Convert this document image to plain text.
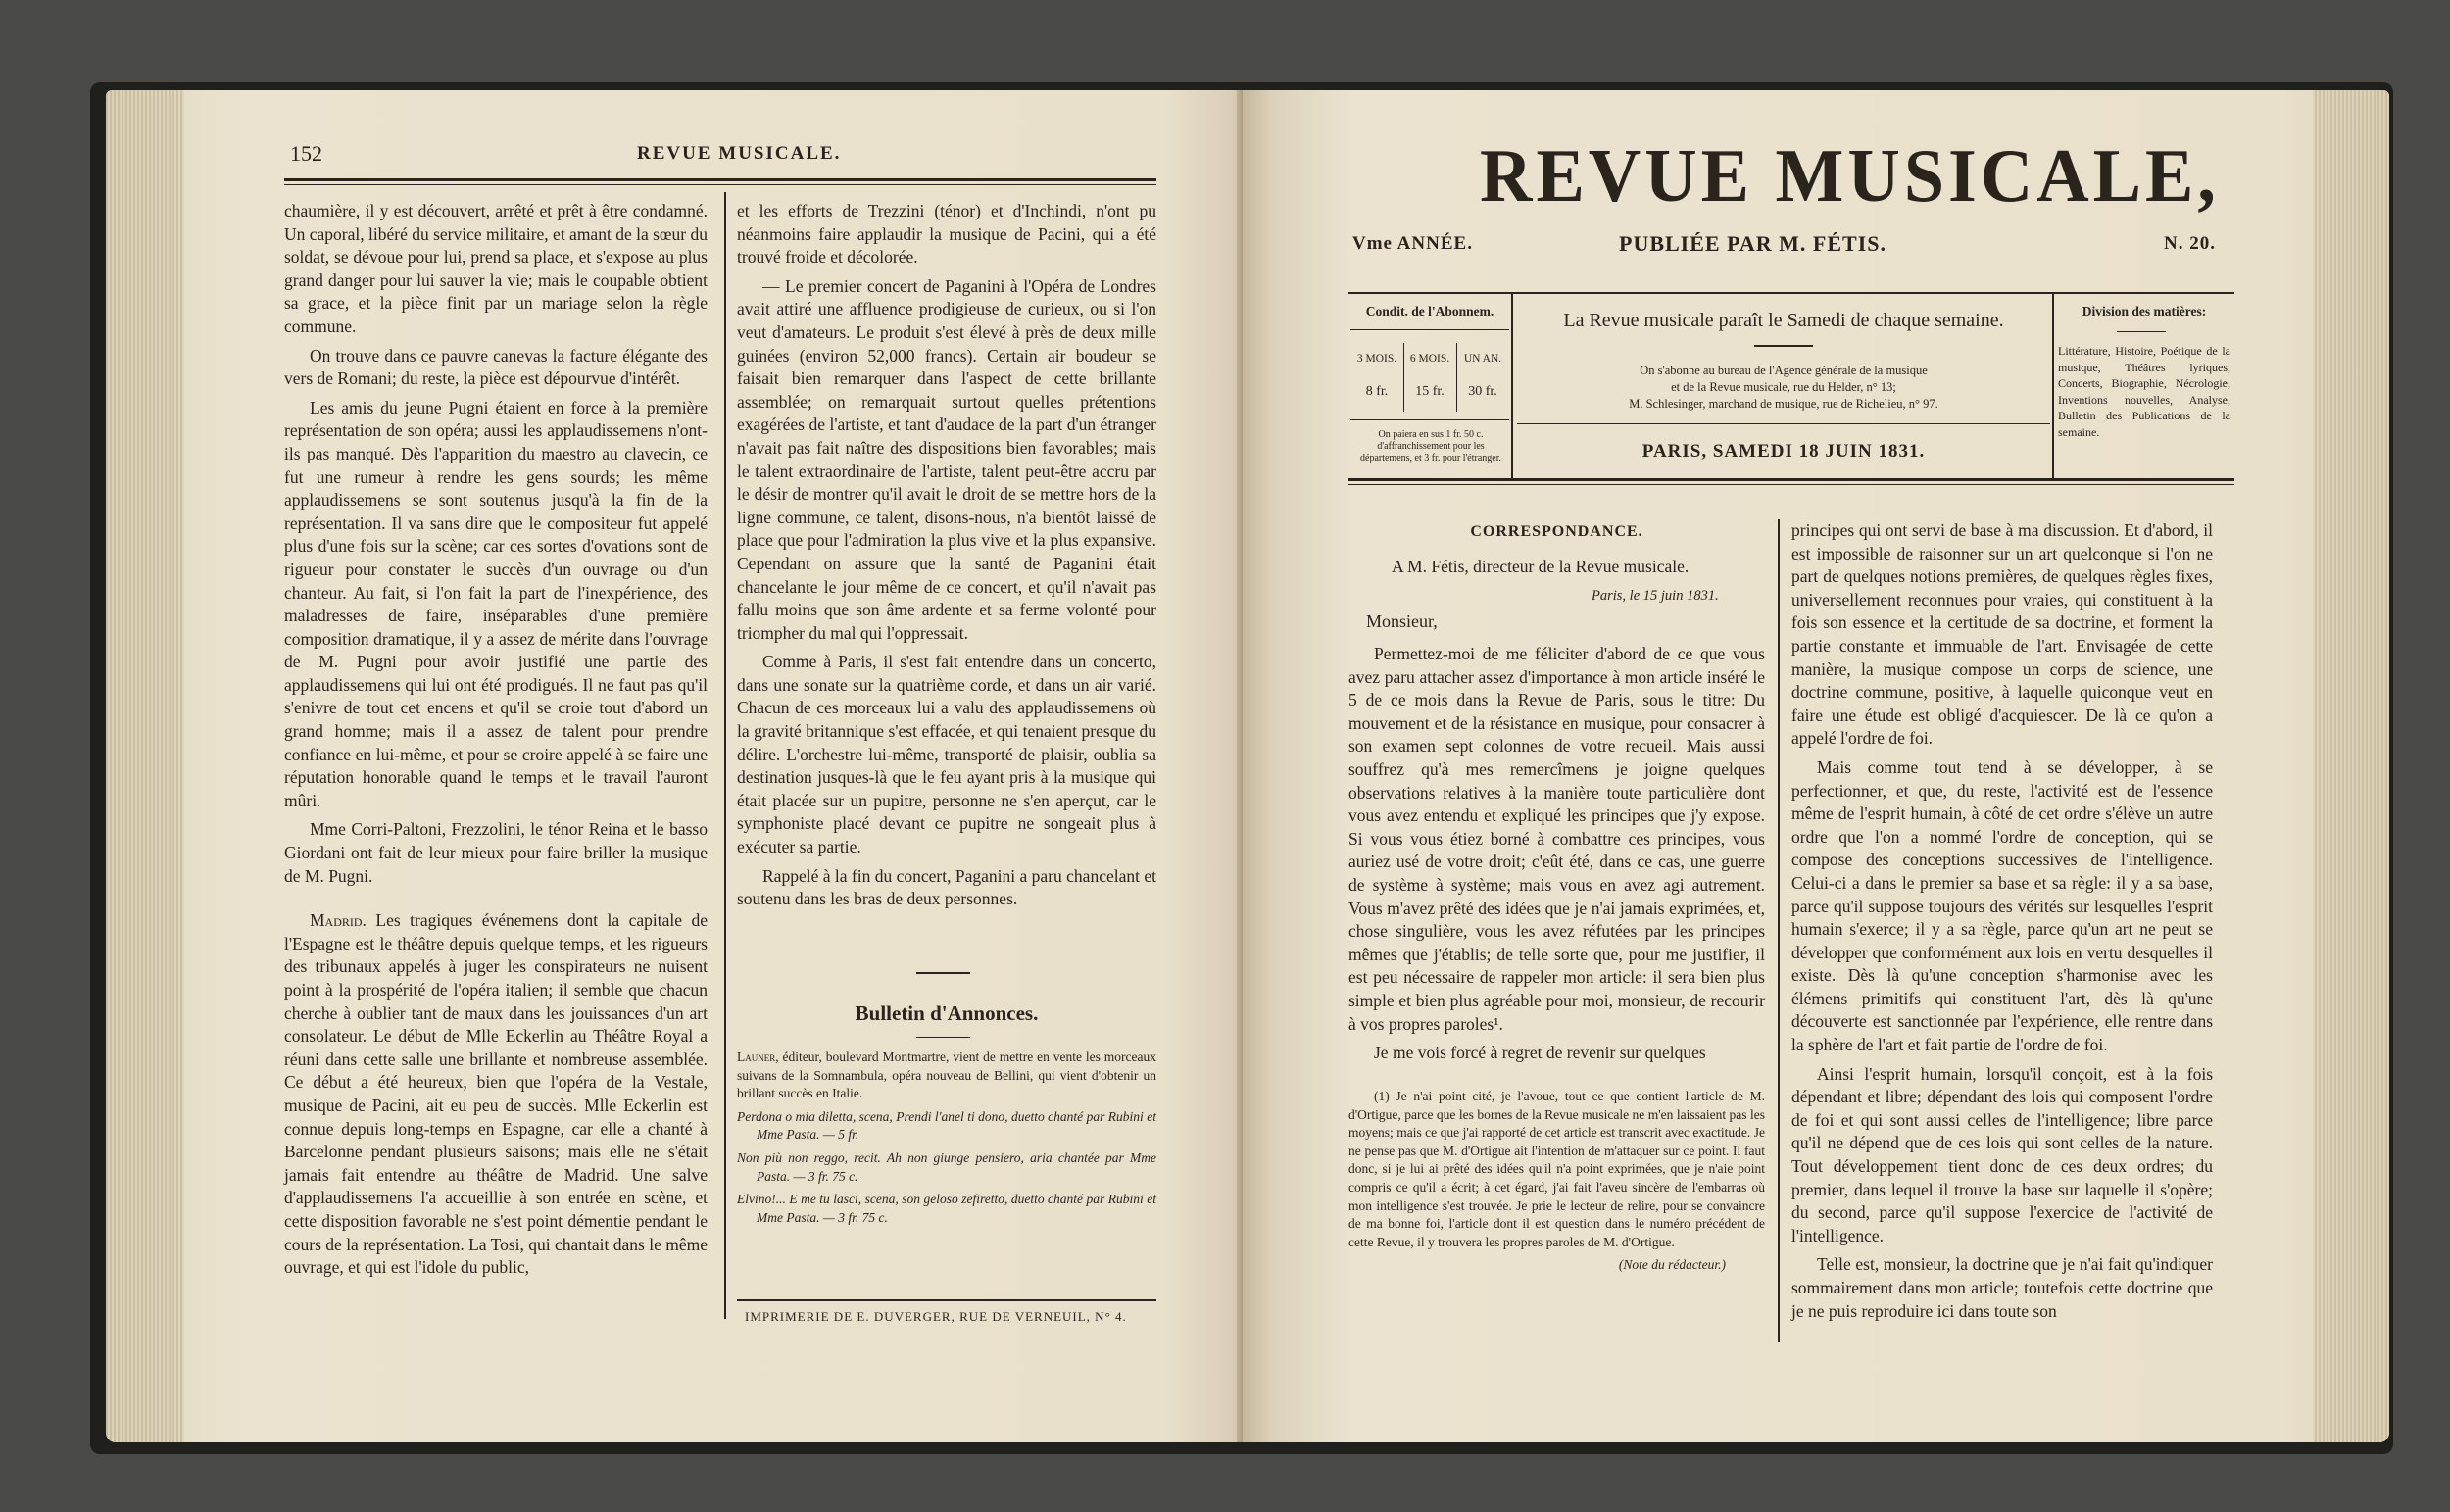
152	REVUE MUSICALE.

chaumière, il y est découvert, arrêté et prêt à être condamné. Un caporal, libéré du service militaire, et amant de la sœur du soldat, se dévoue pour lui, prend sa place, et s'expose au plus grand danger pour lui sauver la vie; mais le coupable obtient sa grace, et la pièce finit par un mariage selon la règle commune.

On trouve dans ce pauvre canevas la facture élégante des vers de Romani; du reste, la pièce est dépourvue d'intérêt.

Les amis du jeune Pugni étaient en force à la première représentation de son opéra; aussi les applaudissemens n'ont-ils pas manqué. Dès l'apparition du maestro au clavecin, ce fut une rumeur à rendre les gens sourds; les même applaudissemens se sont soutenus jusqu'à la fin de la représentation. Il va sans dire que le compositeur fut appelé plus d'une fois sur la scène; car ces sortes d'ovations sont de rigueur pour constater le succès d'un ouvrage ou d'un chanteur. Au fait, si l'on fait la part de l'inexpérience, des maladresses de faire, inséparables d'une première composition dramatique, il y a assez de mérite dans l'ouvrage de M. Pugni pour avoir justifié une partie des applaudissemens qui lui ont été prodigués. Il ne faut pas qu'il s'enivre de tout cet encens et qu'il se croie tout d'abord un grand homme; mais il a assez de talent pour prendre confiance en lui-même, et pour se croire appelé à se faire une réputation honorable quand le temps et le travail l'auront mûri.

Mme Corri-Paltoni, Frezzolini, le ténor Reina et le basso Giordani ont fait de leur mieux pour faire briller la musique de M. Pugni.

Madrid. Les tragiques événemens dont la capitale de l'Espagne est le théâtre depuis quelque temps, et les rigueurs des tribunaux appelés à juger les conspirateurs ne nuisent point à la prospérité de l'opéra italien; il semble que chacun cherche à oublier tant de maux dans les jouissances d'un art consolateur. Le début de Mlle Eckerlin au Théâtre Royal a réuni dans cette salle une brillante et nombreuse assemblée. Ce début a été heureux, bien que l'opéra de la Vestale, musique de Pacini, ait eu peu de succès. Mlle Eckerlin est connue depuis long-temps en Espagne, car elle a chanté à Barcelonne pendant plusieurs saisons; mais elle ne s'était jamais fait entendre au théâtre de Madrid. Une salve d'applaudissemens l'a accueillie à son entrée en scène, et cette disposition favorable ne s'est point démentie pendant le cours de la représentation. La Tosi, qui chantait dans le même ouvrage, et qui est l'idole du public,

et les efforts de Trezzini (ténor) et d'Inchindi, n'ont pu néanmoins faire applaudir la musique de Pacini, qui a été trouvé froide et décolorée.

— Le premier concert de Paganini à l'Opéra de Londres avait attiré une affluence prodigieuse de curieux, ou si l'on veut d'amateurs. Le produit s'est élevé à près de deux mille guinées (environ 52,000 francs). Certain air boudeur se faisait bien remarquer dans l'aspect de cette brillante assemblée; on remarquait surtout quelles prétentions exagérées de l'artiste, et tant d'audace de la part d'un étranger n'avait pas fait naître des dispositions bien favorables; mais le talent extraordinaire de l'artiste, talent peut-être accru par le désir de montrer qu'il avait le droit de se mettre hors de la ligne commune, ce talent, disons-nous, n'a bientôt laissé de place que pour l'admiration la plus vive et la plus expansive. Cependant on assure que la santé de Paganini était chancelante le jour même de ce concert, et qu'il n'avait pas fallu moins que son âme ardente et sa ferme volonté pour triompher du mal qui l'oppressait.

Comme à Paris, il s'est fait entendre dans un concerto, dans une sonate sur la quatrième corde, et dans un air varié. Chacun de ces morceaux lui a valu des applaudissemens où la gravité britannique s'est effacée, et qui tenaient presque du délire. L'orchestre lui-même, transporté de plaisir, oublia sa destination jusques-là que le feu ayant pris à la musique qui était placée sur un pupitre, personne ne s'en aperçut, car le symphoniste placé devant ce pupitre ne songeait plus à exécuter sa partie.

Rappelé à la fin du concert, Paganini a paru chancelant et soutenu dans les bras de deux personnes.

Bulletin d'Annonces.

Launer, éditeur, boulevard Montmartre, vient de mettre en vente les morceaux suivans de la Somnambula, opéra nouveau de Bellini, qui vient d'obtenir un brillant succès en Italie.

Perdona o mia diletta, scena, Prendi l'anel ti dono, duetto chanté par Rubini et Mme Pasta. — 5 fr.

Non più non reggo, recit. Ah non giunge pensiero, aria chantée par Mme Pasta. — 3 fr. 75 c.

Elvino!... E me tu lasci, scena, son geloso zefiretto, duetto chanté par Rubini et Mme Pasta. — 3 fr. 75 c.

IMPRIMERIE DE E. DUVERGER, RUE DE VERNEUIL, N° 4.
REVUE MUSICALE,
Vme ANNÉE.	PUBLIÉE PAR M. FÉTIS.	N. 20.
Condit. de l'Abonnem.
3 MOIS.	6 MOIS.	UN AN.
8 fr.	15 fr.	30 fr.
On paiera en sus 1 fr. 50 c. d'affranchissement pour les départemens, et 3 fr. pour l'étranger.
La Revue musicale paraît le Samedi de chaque semaine.
On s'abonne au bureau de l'Agence générale de la musique
et de la Revue musicale, rue du Helder, n° 13;
M. Schlesinger, marchand de musique, rue de Richelieu, n° 97.
PARIS, SAMEDI 18 JUIN 1831.
Division des matières:
Littérature, Histoire, Poétique de la musique, Théâtres lyriques, Concerts, Biographie, Nécrologie, Inventions nouvelles, Analyse, Bulletin des Publications de la semaine.
CORRESPONDANCE.
A M. Fétis, directeur de la Revue musicale.
Paris, le 15 juin 1831.
Monsieur,

Permettez-moi de me féliciter d'abord de ce que vous avez paru attacher assez d'importance à mon article inséré le 5 de ce mois dans la Revue de Paris, sous le titre: Du mouvement et de la résistance en musique, pour consacrer à son examen sept colonnes de votre recueil. Mais aussi souffrez qu'à mes remercîmens je joigne quelques observations relatives à la manière toute particulière dont vous avez entendu et expliqué les principes que j'y expose. Si vous vous étiez borné à combattre ces principes, vous auriez usé de votre droit; c'eût été, dans ce cas, une guerre de système à système; mais vous en avez agi autrement. Vous m'avez prêté des idées que je n'ai jamais exprimées, et, chose singulière, vous les avez réfutées par les principes mêmes que j'établis; de telle sorte que, pour me justifier, il est peu nécessaire de rappeler mon article: il sera bien plus simple et bien plus agréable pour moi, monsieur, de recourir à vos propres paroles¹.

Je me vois forcé à regret de revenir sur quelques

(1) Je n'ai point cité, je l'avoue, tout ce que contient l'article de M. d'Ortigue, parce que les bornes de la Revue musicale ne m'en laissaient pas les moyens; mais ce que j'ai rapporté de cet article est transcrit avec exactitude. Je ne pense pas que M. d'Ortigue ait l'intention de m'attaquer sur ce point. Il faut donc, si je lui ai prêté des idées qu'il n'a point exprimées, que je n'aie point compris ce qu'il a écrit; à cet égard, j'ai fait l'aveu sincère de l'embarras où mon intelligence s'est trouvée. Je prie le lecteur de relire, pour se convaincre de ma bonne foi, l'article dont il est question dans le numéro précédent de cette Revue, il y trouvera les propres paroles de M. d'Ortigue.

(Note du rédacteur.)

principes qui ont servi de base à ma discussion. Et d'abord, il est impossible de raisonner sur un art quelconque si l'on ne part de quelques notions premières, de quelques règles fixes, universellement reconnues pour vraies, qui constituent à la fois son essence et la certitude de sa doctrine, et forment la partie constante et immuable de l'art. Envisagée de cette manière, la musique compose un corps de science, une doctrine commune, positive, à laquelle quiconque veut en faire une étude est obligé d'acquiescer. De là ce qu'on a appelé l'ordre de foi.

Mais comme tout tend à se développer, à se perfectionner, et que, du reste, l'activité est de l'essence même de l'esprit humain, à côté de cet ordre s'élève un autre ordre que l'on a nommé l'ordre de conception, qui se compose des conceptions successives de l'intelligence. Celui-ci a dans le premier sa base et sa règle: il y a sa base, parce qu'il suppose toujours des vérités sur lesquelles l'esprit humain s'exerce; il y a sa règle, parce qu'un art ne peut se développer que conformément aux lois en vertu desquelles il existe. Dès là qu'une conception s'harmonise avec les élémens primitifs qui constituent l'art, dès là qu'une découverte est sanctionnée par l'expérience, elle rentre dans la sphère de l'art et fait partie de l'ordre de foi.

Ainsi l'esprit humain, lorsqu'il conçoit, est à la fois dépendant et libre; dépendant des lois qui composent l'ordre de foi et qui sont aussi celles de l'intelligence; libre parce qu'il ne dépend que de ces lois qui sont celles de la nature. Tout développement tient donc de ces deux ordres; du premier, dans lequel il trouve la base sur laquelle il s'opère; du second, parce qu'il suppose l'exercice de l'activité de l'intelligence.

Telle est, monsieur, la doctrine que je n'ai fait qu'indiquer sommairement dans mon article; toutefois cette doctrine que je ne puis reproduire ici dans toute son
